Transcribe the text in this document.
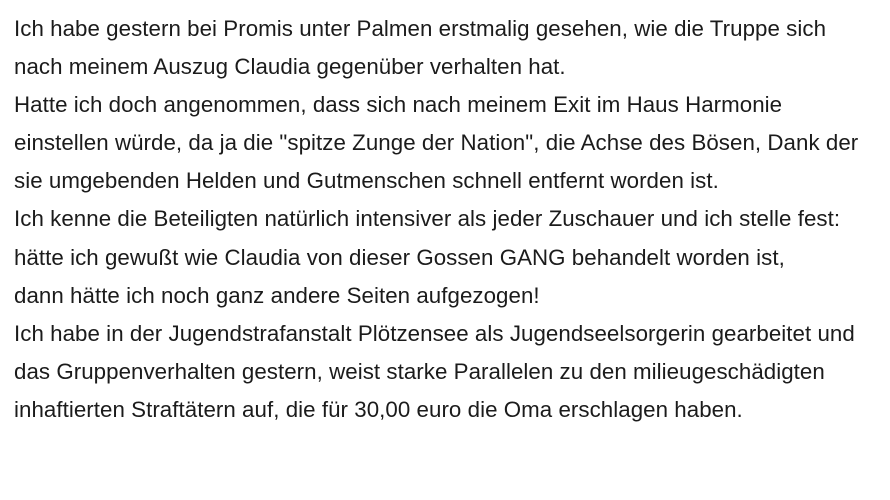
Ich habe gestern bei Promis unter Palmen erstmalig gesehen, wie die Truppe sich nach meinem Auszug Claudia gegenüber verhalten hat.

Hatte ich doch angenommen, dass sich nach meinem Exit im Haus Harmonie einstellen würde, da ja die "spitze Zunge der Nation", die Achse des Bösen, Dank der sie umgebenden Helden und Gutmenschen schnell entfernt worden ist.

Ich kenne die Beteiligten natürlich intensiver als jeder Zuschauer und ich stelle fest: hätte ich gewußt wie Claudia von dieser Gossen GANG behandelt worden ist,

dann hätte ich noch ganz andere Seiten aufgezogen!

Ich habe in der Jugendstrafanstalt Plötzensee als Jugendseelsorgerin gearbeitet und das Gruppenverhalten gestern, weist starke Parallelen zu den milieugeschädigten inhaftierten Straftätern auf, die für 30,00 euro die Oma erschlagen haben.
